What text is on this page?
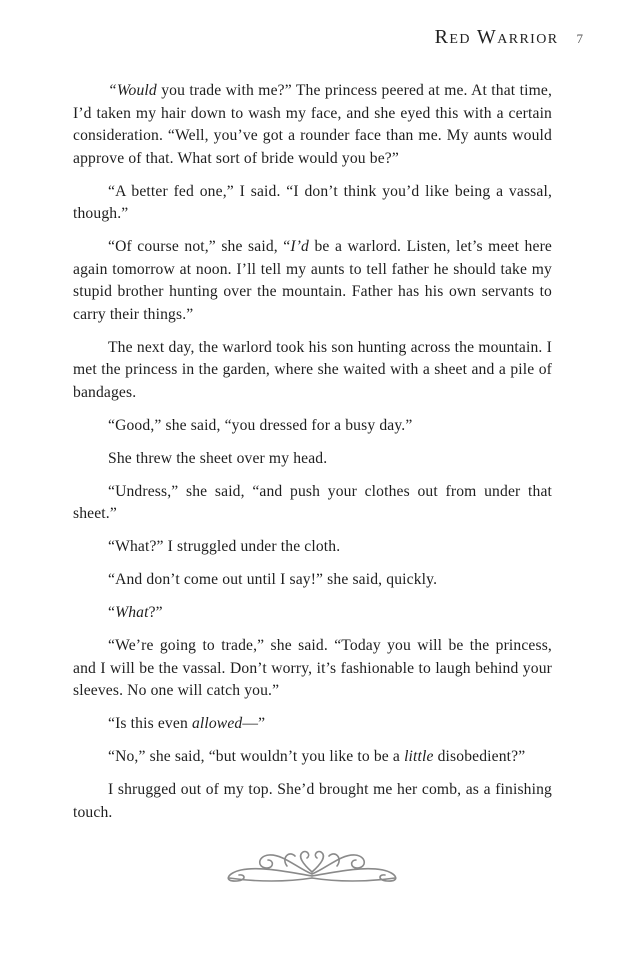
Red Warrior 7

“Would you trade with me?” The princess peered at me. At that time, I’d taken my hair down to wash my face, and she eyed this with a certain consideration. “Well, you’ve got a rounder face than me. My aunts would approve of that. What sort of bride would you be?”

“A better fed one,” I said. “I don’t think you’d like being a vassal, though.”

“Of course not,” she said, “I’d be a warlord. Listen, let’s meet here again tomorrow at noon. I’ll tell my aunts to tell father he should take my stupid brother hunting over the mountain. Father has his own servants to carry their things.”

The next day, the warlord took his son hunting across the mountain. I met the princess in the garden, where she waited with a sheet and a pile of bandages.

“Good,” she said, “you dressed for a busy day.”

She threw the sheet over my head.

“Undress,” she said, “and push your clothes out from under that sheet.”

“What?” I struggled under the cloth.

“And don’t come out until I say!” she said, quickly.

“What?”

“We’re going to trade,” she said. “Today you will be the princess, and I will be the vassal. Don’t worry, it’s fashionable to laugh behind your sleeves. No one will catch you.”

“Is this even allowed—”

“No,” she said, “but wouldn’t you like to be a little disobedient?”

I shrugged out of my top. She’d brought me her comb, as a finishing touch.
